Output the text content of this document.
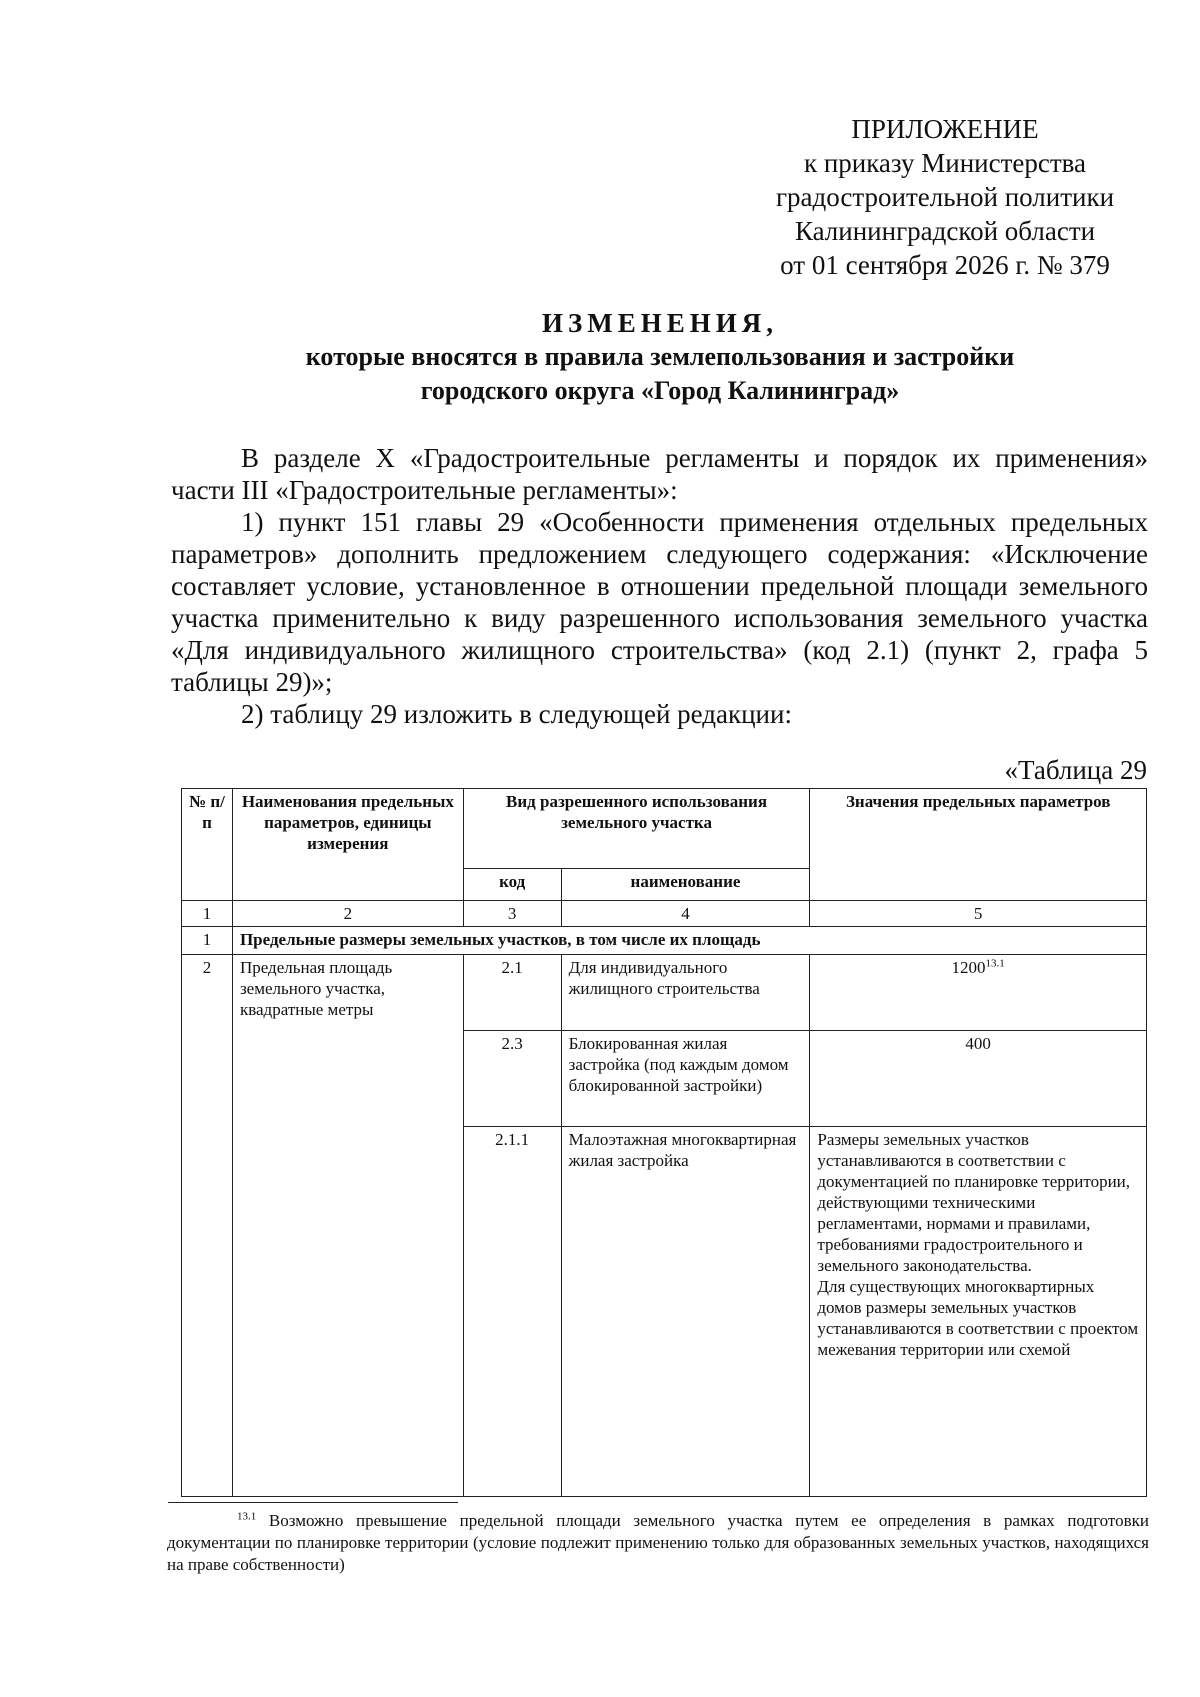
ПРИЛОЖЕНИЕ
к приказу Министерства
градостроительной политики
Калининградской области
от 01 сентября 2026 г. № 379
ИЗМЕНЕНИЯ,
которые вносятся в правила землепользования и застройки
городского округа «Город Калининград»

В разделе X «Градостроительные регламенты и порядок их применения» части III «Градостроительные регламенты»:

1) пункт 151 главы 29 «Особенности применения отдельных предельных параметров» дополнить предложением следующего содержания: «Исключение составляет условие, установленное в отношении предельной площади земельного участка применительно к виду разрешенного использования земельного участка «Для индивидуального жилищного строительства» (код 2.1) (пункт 2, графа 5 таблицы 29)»;

2) таблицу 29 изложить в следующей редакции:

«Таблица 29
№ п/п	Наименования предельных параметров, единицы измерения	Вид разрешенного использования земельного участка		Значения предельных параметров
		код	наименование	
1	2	3	4	5
1	Предельные размеры земельных участков, в том числе их площадь			
2	Предельная площадь земельного участка, квадратные метры	2.1	Для индивидуального жилищного строительства	$1200^{13.1}$
		2.3	Блокированная жилая застройка (под каждым домом блокированной застройки)	400
		2.1.1	Малоэтажная многоквартирная жилая застройка	Размеры земельных участков устанавливаются в соответствии с документацией по планировке территории, действующими техническими регламентами, нормами и правилами, требованиями градостроительного и земельного законодательства.
Для существующих многоквартирных домов размеры земельных участков устанавливаются в соответствии с проектом межевания территории или схемой
$^{13.1}$ Возможно превышение предельной площади земельного участка путем ее определения в рамках подготовки документации по планировке территории (условие подлежит применению только для образованных земельных участков, находящихся на праве собственности)
